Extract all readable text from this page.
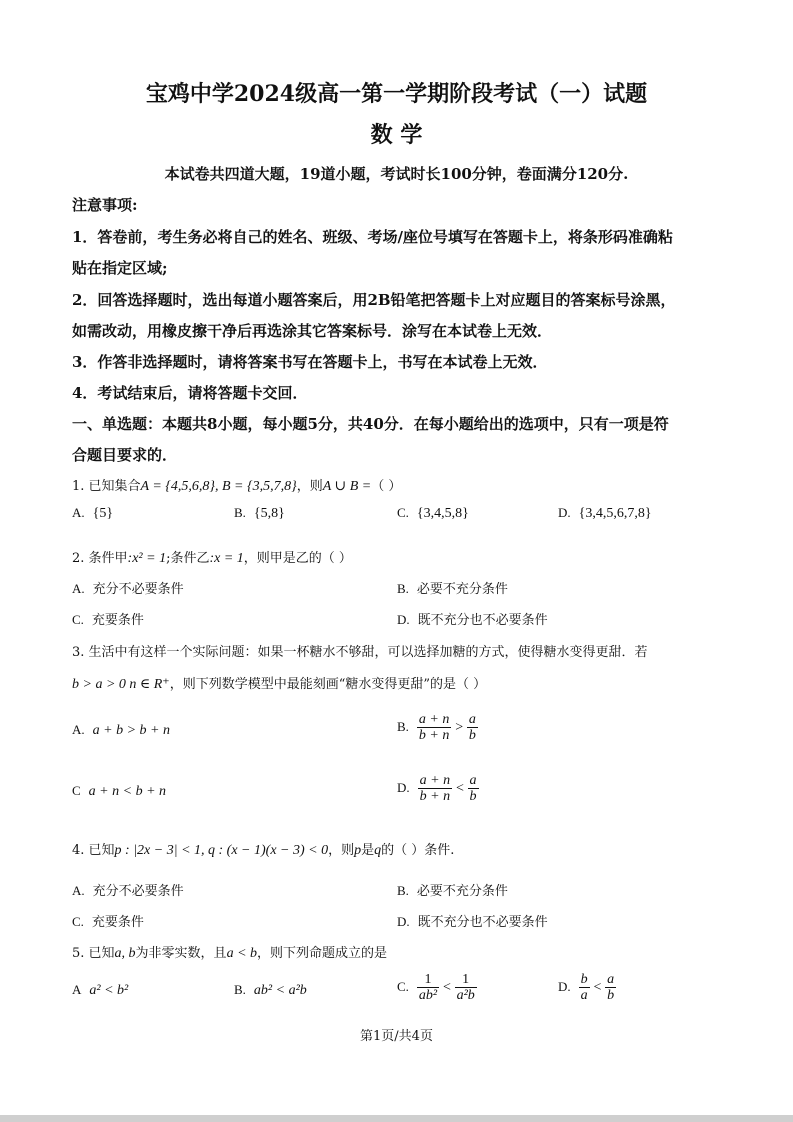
宝鸡中学2024级高一第一学期阶段考试（一）试题
数 学
本试卷共四道大题，19道小题，考试时长100分钟，卷面满分120分.
注意事项:
1．答卷前，考生务必将自己的姓名、班级、考场/座位号填写在答题卡上，将条形码准确粘
贴在指定区域;
2．回答选择题时，选出每道小题答案后，用2B铅笔把答题卡上对应题目的答案标号涂黑，
如需改动，用橡皮擦干净后再选涂其它答案标号．涂写在本试卷上无效．
3．作答非选择题时，请将答案书写在答题卡上，书写在本试卷上无效．
4．考试结束后，请将答题卡交回．
一、单选题：本题共8小题，每小题5分，共40分．在每小题给出的选项中，只有一项是符
合题目要求的．
1. 已知集合A = {4,5,6,8}, B = {3,5,7,8}，则A ∪ B =（ ）
A. {5}	B. {5,8}	C. {3,4,5,8}	D. {3,4,5,6,7,8}
2. 条件甲:x² = 1;条件乙:x = 1，则甲是乙的（ ）
A. 充分不必要条件	B. 必要不充分条件
C. 充要条件	D. 既不充分也不必要条件
3. 生活中有这样一个实际问题：如果一杯糖水不够甜，可以选择加糖的方式，使得糖水变得更甜．若
b > a > 0 n ∈ R⁺，则下列数学模型中最能刻画“糖水变得更甜”的是（ ）
A. a + b > b + n	B. $\frac{a + n}{b + n} > \frac{a}{b}$
C a + n < b + n	D. $\frac{a + n}{b + n} < \frac{a}{b}$
4. 已知p : |2x − 3| < 1, q : (x − 1)(x − 3) < 0，则p是q的（ ）条件.
A. 充分不必要条件	B. 必要不充分条件
C. 充要条件	D. 既不充分也不必要条件
5. 已知a, b为非零实数，且a < b，则下列命题成立的是
A a² < b²	B. ab² < a²b	C. $\frac{1}{\text{ab²}} < \frac{1}{\text{a²b}}$	D. $\frac{b}{a} < \frac{a}{b}$
第1页/共4页
